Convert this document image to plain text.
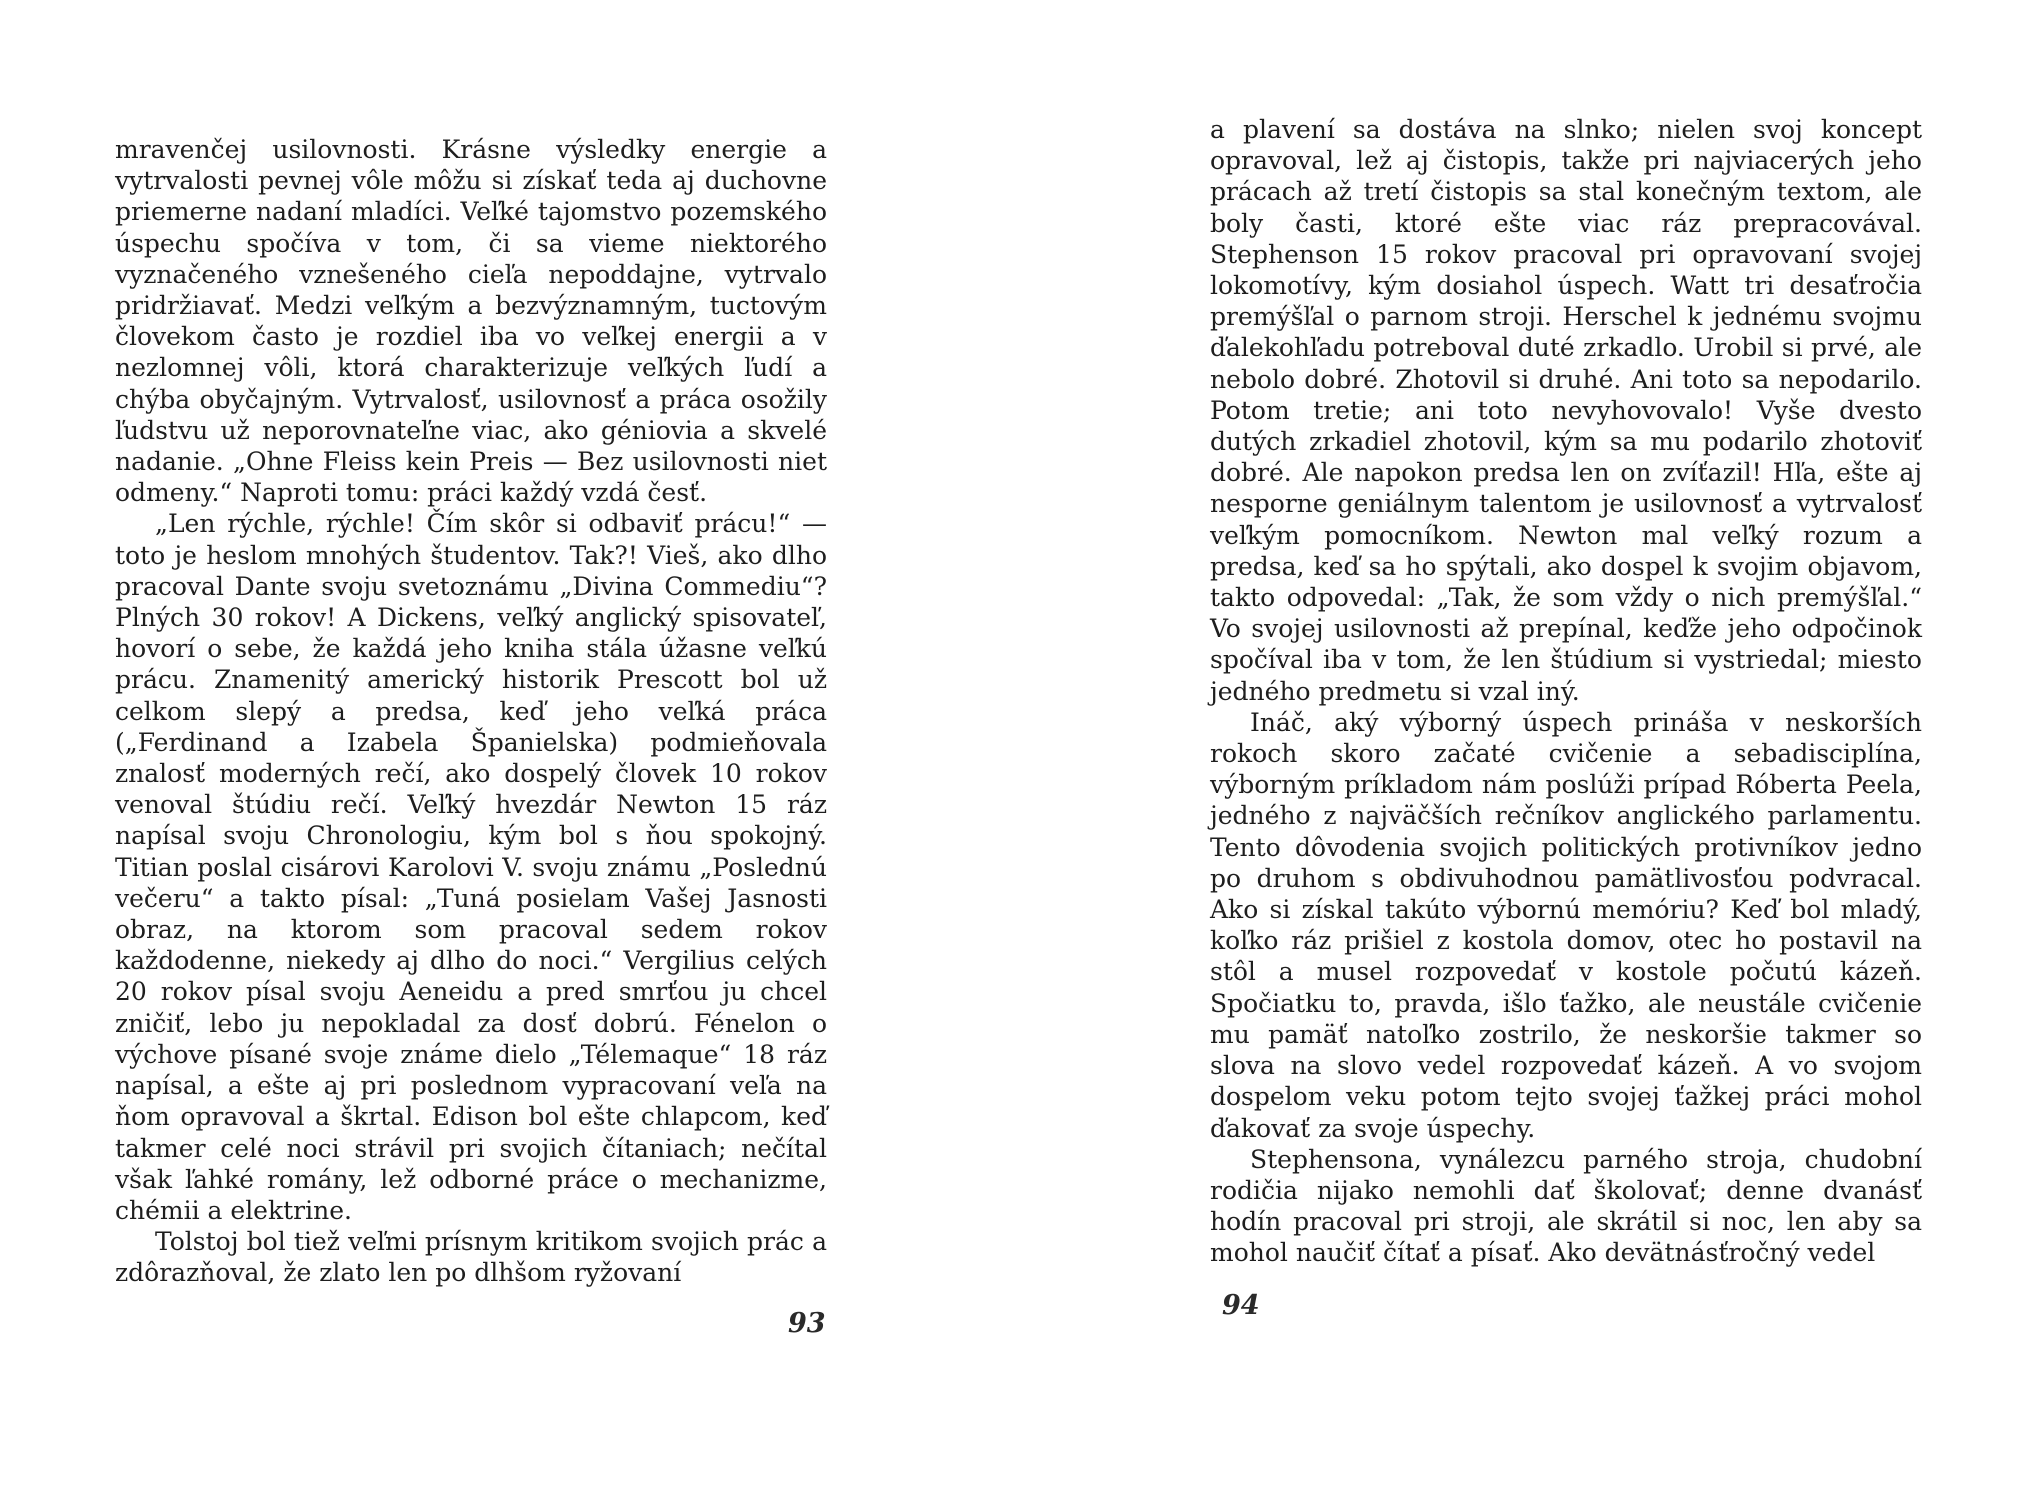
mravenčej usilovnosti. Krásne výsledky energie a vytrvalosti pevnej vôle môžu si získať teda aj duchovne priemerne nadaní mladíci. Veľké tajomstvo pozemského úspechu spočíva v tom, či sa vieme niektorého vyznačeného vznešeného cieľa nepoddajne, vytrvalo pridržiavať. Medzi veľkým a bezvýznamným, tuctovým človekom často je rozdiel iba vo veľkej energii a v nezlomnej vôli, ktorá charakterizuje veľkých ľudí a chýba obyčajným. Vytrvalosť, usilovnosť a práca osožily ľudstvu už neporovnateľne viac, ako géniovia a skvelé nadanie. „Ohne Fleiss kein Preis — Bez usilovnosti niet odmeny.“ Naproti tomu: práci každý vzdá česť.

„Len rýchle, rýchle! Čím skôr si odbaviť prácu!“ — toto je heslom mnohých študentov. Tak?! Vieš, ako dlho pracoval Dante svoju svetoznámu „Divina Commediu“? Plných 30 rokov! A Dickens, veľký anglický spisovateľ, hovorí o sebe, že každá jeho kniha stála úžasne veľkú prácu. Znamenitý americký historik Prescott bol už celkom slepý a predsa, keď jeho veľká práca („Ferdinand a Izabela Španielska) podmieňovala znalosť moderných rečí, ako dospelý človek 10 rokov venoval štúdiu rečí. Veľký hvezdár Newton 15 ráz napísal svoju Chronologiu, kým bol s ňou spokojný. Titian poslal cisárovi Karolovi V. svoju známu „Poslednú večeru“ a takto písal: „Tuná posielam Vašej Jasnosti obraz, na ktorom som pracoval sedem rokov každodenne, niekedy aj dlho do noci.“ Vergilius celých 20 rokov písal svoju Aeneidu a pred smrťou ju chcel zničiť, lebo ju nepokladal za dosť dobrú. Fénelon o výchove písané svoje známe dielo „Télemaque“ 18 ráz napísal, a ešte aj pri poslednom vypracovaní veľa na ňom opravoval a škrtal. Edison bol ešte chlapcom, keď takmer celé noci strávil pri svojich čítaniach; nečítal však ľahké romány, lež odborné práce o mechanizme, chémii a elektrine.

Tolstoj bol tiež veľmi prísnym kritikom svojich prác a zdôrazňoval, že zlato len po dlhšom ryžovaní

93

a plavení sa dostáva na slnko; nielen svoj koncept opravoval, lež aj čistopis, takže pri najviacerých jeho prácach až tretí čistopis sa stal konečným textom, ale boly časti, ktoré ešte viac ráz prepracovával. Stephenson 15 rokov pracoval pri opravovaní svojej lokomotívy, kým dosiahol úspech. Watt tri desaťročia premýšľal o parnom stroji. Herschel k jednému svojmu ďalekohľadu potreboval duté zrkadlo. Urobil si prvé, ale nebolo dobré. Zhotovil si druhé. Ani toto sa nepodarilo. Potom tretie; ani toto nevyhovovalo! Vyše dvesto dutých zrkadiel zhotovil, kým sa mu podarilo zhotoviť dobré. Ale napokon predsa len on zvíťazil! Hľa, ešte aj nesporne geniálnym talentom je usilovnosť a vytrvalosť veľkým pomocníkom. Newton mal veľký rozum a predsa, keď sa ho spýtali, ako dospel k svojim objavom, takto odpovedal: „Tak, že som vždy o nich premýšľal.“ Vo svojej usilovnosti až prepínal, keďže jeho odpočinok spočíval iba v tom, že len štúdium si vystriedal; miesto jedného predmetu si vzal iný.

Ináč, aký výborný úspech prináša v neskorších rokoch skoro začaté cvičenie a sebadisciplína, výborným príkladom nám poslúži prípad Róberta Peela, jedného z najväčších rečníkov anglického parlamentu. Tento dôvodenia svojich politických protivníkov jedno po druhom s obdivuhodnou pamätlivosťou podvracal. Ako si získal takúto výbornú memóriu? Keď bol mladý, koľko ráz prišiel z kostola domov, otec ho postavil na stôl a musel rozpovedať v kostole počutú kázeň. Spočiatku to, pravda, išlo ťažko, ale neustále cvičenie mu pamäť natoľko zostrilo, že neskoršie takmer so slova na slovo vedel rozpovedať kázeň. A vo svojom dospelom veku potom tejto svojej ťažkej práci mohol ďakovať za svoje úspechy.

Stephensona, vynálezcu parného stroja, chudobní rodičia nijako nemohli dať školovať; denne dvanásť hodín pracoval pri stroji, ale skrátil si noc, len aby sa mohol naučiť čítať a písať. Ako devätnásťročný vedel

94
